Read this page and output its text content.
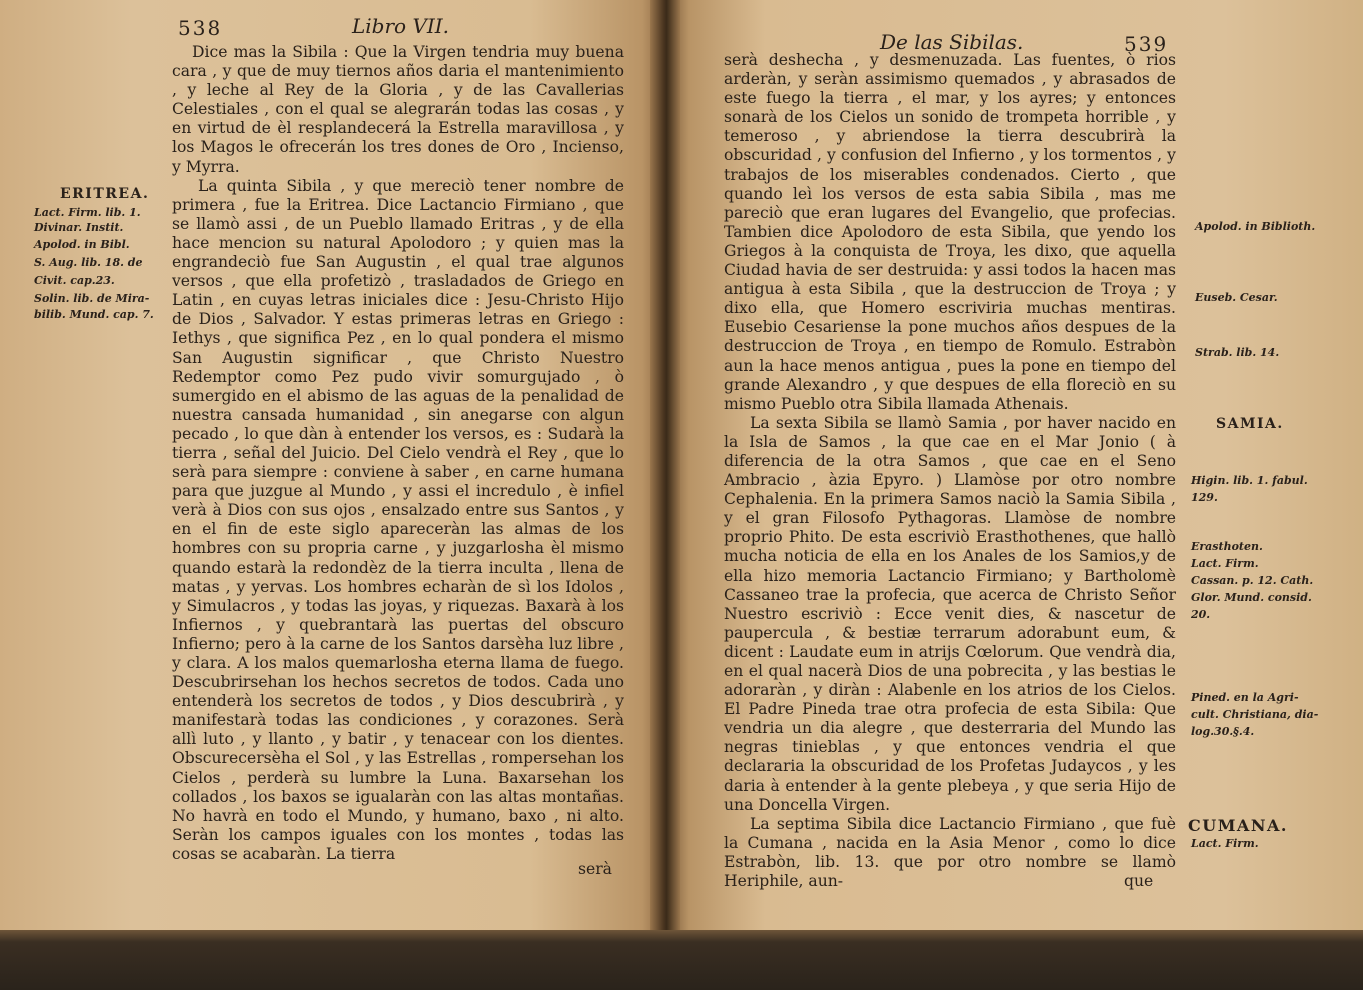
538	Libro VII.

Dice mas la Sibila : Que la Virgen tendria muy buena cara , y que de muy tiernos años daria el mantenimiento , y leche al Rey de la Gloria , y de las Cavallerias Celestiales , con el qual se alegrarán todas las cosas , y en virtud de èl resplandecerá la Estrella maravillosa , y los Magos le ofrecerán los tres dones de Oro , Incienso, y Myrra.

La quinta Sibila , y que mereciò tener nombre de primera , fue la Eritrea. Dice Lactancio Firmiano , que se llamò assi , de un Pueblo llamado Eritras , y de ella hace mencion su natural Apolodoro ; y quien mas la engrandeciò fue San Augustin , el qual trae algunos versos , que ella profetizò , trasladados de Griego en Latin , en cuyas letras iniciales dice : Jesu-Christo Hijo de Dios , Salvador. Y estas primeras letras en Griego : Iethys , que significa Pez , en lo qual pondera el mismo San Augustin significar , que Christo Nuestro Redemptor como Pez pudo vivir somurgujado , ò sumergido en el abismo de las aguas de la penalidad de nuestra cansada humanidad , sin anegarse con algun pecado , lo que dàn à entender los versos, es : Sudarà la tierra , señal del Juicio. Del Cielo vendrà el Rey , que lo serà para siempre : conviene à saber , en carne humana para que juzgue al Mundo , y assi el incredulo , è infiel verà à Dios con sus ojos , ensalzado entre sus Santos , y en el fin de este siglo apareceràn las almas de los hombres con su propria carne , y juzgarlosha èl mismo quando estarà la redondèz de la tierra inculta , llena de matas , y yervas. Los hombres echaràn de sì los Idolos , y Simulacros , y todas las joyas, y riquezas. Baxarà à los Infiernos , y quebrantarà las puertas del obscuro Infierno; pero à la carne de los Santos darsèha luz libre , y clara. A los malos quemarlosha eterna llama de fuego. Descubrirsehan los hechos secretos de todos. Cada uno entenderà los secretos de todos , y Dios descubrirà , y manifestarà todas las condiciones , y corazones. Serà allì luto , y llanto , y batir , y tenacear con los dientes. Obscurecersèha el Sol , y las Estrellas , rompersehan los Cielos , perderà su lumbre la Luna. Baxarsehan los collados , los baxos se igualaràn con las altas montañas. No havrà en todo el Mundo, y humano, baxo , ni alto. Seràn los campos iguales con los montes , todas las cosas se acabaràn. La tierra

serà
ERITREA.
Lact. Firm. lib. 1.
Divinar. Instit.
Apolod. in Bibl.
S. Aug. lib. 18. de
Civit. cap.23.
Solin. lib. de Mira-
bilib. Mund. cap. 7.
De las Sibilas.	539

serà deshecha , y desmenuzada. Las fuentes, ò rios arderàn, y seràn assimismo quemados , y abrasados de este fuego la tierra , el mar, y los ayres; y entonces sonarà de los Cielos un sonido de trompeta horrible , y temeroso , y abriendose la tierra descubrirà la obscuridad , y confusion del Infierno , y los tormentos , y trabajos de los miserables condenados. Cierto , que quando leì los versos de esta sabia Sibila , mas me pareciò que eran lugares del Evangelio, que profecias. Tambien dice Apolodoro de esta Sibila, que yendo los Griegos à la conquista de Troya, les dixo, que aquella Ciudad havia de ser destruida: y assi todos la hacen mas antigua à esta Sibila , que la destruccion de Troya ; y dixo ella, que Homero escriviria muchas mentiras. Eusebio Cesariense la pone muchos años despues de la destruccion de Troya , en tiempo de Romulo. Estrabòn aun la hace menos antigua , pues la pone en tiempo del grande Alexandro , y que despues de ella floreciò en su mismo Pueblo otra Sibila llamada Athenais.

La sexta Sibila se llamò Samia , por haver nacido en la Isla de Samos , la que cae en el Mar Jonio ( à diferencia de la otra Samos , que cae en el Seno Ambracio , àzia Epyro. ) Llamòse por otro nombre Cephalenia. En la primera Samos naciò la Samia Sibila , y el gran Filosofo Pythagoras. Llamòse de nombre proprio Phito. De esta escriviò Erasthothenes, que hallò mucha noticia de ella en los Anales de los Samios,y de ella hizo memoria Lactancio Firmiano; y Bartholomè Cassaneo trae la profecia, que acerca de Christo Señor Nuestro escriviò : Ecce venit dies, & nascetur de paupercula , & bestiæ terrarum adorabunt eum, & dicent : Laudate eum in atrijs Cœlorum. Que vendrà dia, en el qual nacerà Dios de una pobrecita , y las bestias le adoraràn , y diràn : Alabenle en los atrios de los Cielos. El Padre Pineda trae otra profecia de esta Sibila: Que vendria un dia alegre , que desterraria del Mundo las negras tinieblas , y que entonces vendria el que declararia la obscuridad de los Profetas Judaycos , y les daria à entender à la gente plebeya , y que seria Hijo de una Doncella Virgen.

La septima Sibila dice Lactancio Firmiano , que fuè la Cumana , nacida en la Asia Menor , como lo dice Estrabòn, lib. 13. que por otro nombre se llamò Heriphile, aun-	que
Apolod. in Biblioth.
Euseb. Cesar.
Strab. lib. 14.
SAMIA.
Higin. lib. 1. fabul.
129.
Erasthoten.
Lact. Firm.
Cassan. p. 12. Cath.
Glor. Mund. consid.
20.
Pined. en la Agri-
cult. Christiana, dia-
log.30.§.4.
CUMANA.
Lact. Firm.
